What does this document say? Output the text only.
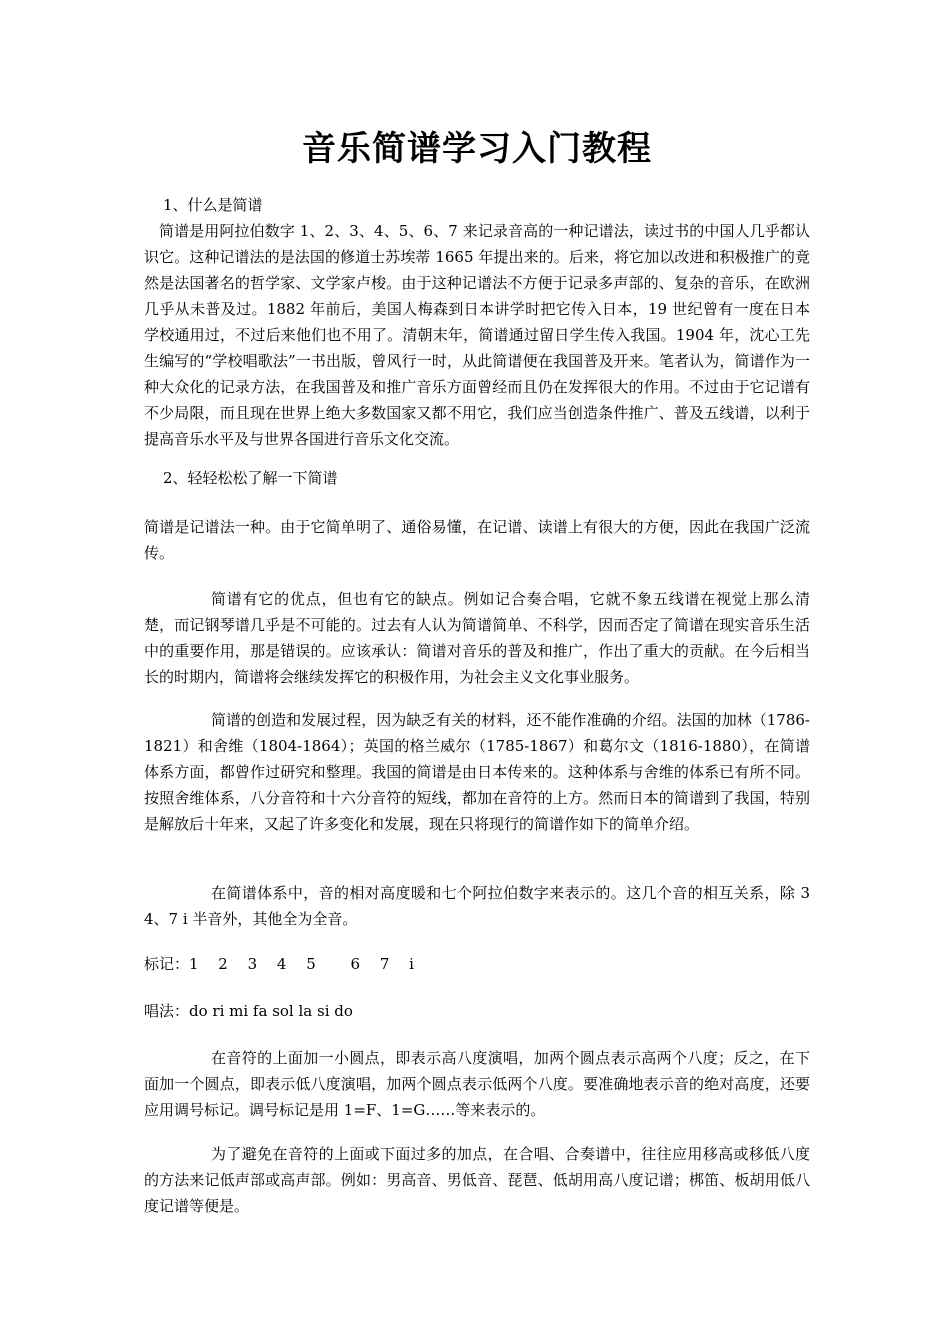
音乐简谱学习入门教程
1、什么是简谱
简谱是用阿拉伯数字 1、2、3、4、5、6、7 来记录音高的一种记谱法，读过书的中国人几乎都认识它。这种记谱法的是法国的修道士苏埃蒂 1665 年提出来的。后来，将它加以改进和积极推广的竟然是法国著名的哲学家、文学家卢梭。由于这种记谱法不方便于记录多声部的、复杂的音乐，在欧洲几乎从未普及过。1882 年前后，美国人梅森到日本讲学时把它传入日本，19 世纪曾有一度在日本学校通用过，不过后来他们也不用了。清朝末年，简谱通过留日学生传入我国。1904 年，沈心工先生编写的“学校唱歌法”一书出版，曾风行一时，从此简谱便在我国普及开来。笔者认为，简谱作为一种大众化的记录方法，在我国普及和推广音乐方面曾经而且仍在发挥很大的作用。不过由于它记谱有不少局限，而且现在世界上绝大多数国家又都不用它，我们应当创造条件推广、普及五线谱，以利于提高音乐水平及与世界各国进行音乐文化交流。
2、轻轻松松了解一下简谱
简谱是记谱法一种。由于它简单明了、通俗易懂，在记谱、读谱上有很大的方便，因此在我国广泛流传。
简谱有它的优点，但也有它的缺点。例如记合奏合唱，它就不象五线谱在视觉上那么清楚，而记钢琴谱几乎是不可能的。过去有人认为简谱简单、不科学，因而否定了简谱在现实音乐生活中的重要作用，那是错误的。应该承认：简谱对音乐的普及和推广，作出了重大的贡献。在今后相当长的时期内，简谱将会继续发挥它的积极作用，为社会主义文化事业服务。
简谱的创造和发展过程，因为缺乏有关的材料，还不能作准确的介绍。法国的加林（1786-1821）和舍维（1804-1864）；英国的格兰威尔（1785-1867）和葛尔文（1816-1880），在简谱体系方面，都曾作过研究和整理。我国的简谱是由日本传来的。这种体系与舍维的体系已有所不同。按照舍维体系，八分音符和十六分音符的短线，都加在音符的上方。然而日本的简谱到了我国，特别是解放后十年来，又起了许多变化和发展，现在只将现行的简谱作如下的简单介绍。
在简谱体系中，音的相对高度暖和七个阿拉伯数字来表示的。这几个音的相互关系，除 3 4、7 i 半音外，其他全为全音。
标记：1　 2　 3　 4　 5　　 6　 7　 i
唱法：do ri mi fa sol la si do
在音符的上面加一小圆点，即表示高八度演唱，加两个圆点表示高两个八度；反之，在下面加一个圆点，即表示低八度演唱，加两个圆点表示低两个八度。要准确地表示音的绝对高度，还要应用调号标记。调号标记是用 1=F、1=G……等来表示的。
为了避免在音符的上面或下面过多的加点，在合唱、合奏谱中，往往应用移高或移低八度的方法来记低声部或高声部。例如：男高音、男低音、琵琶、低胡用高八度记谱；梆笛、板胡用低八度记谱等便是。
